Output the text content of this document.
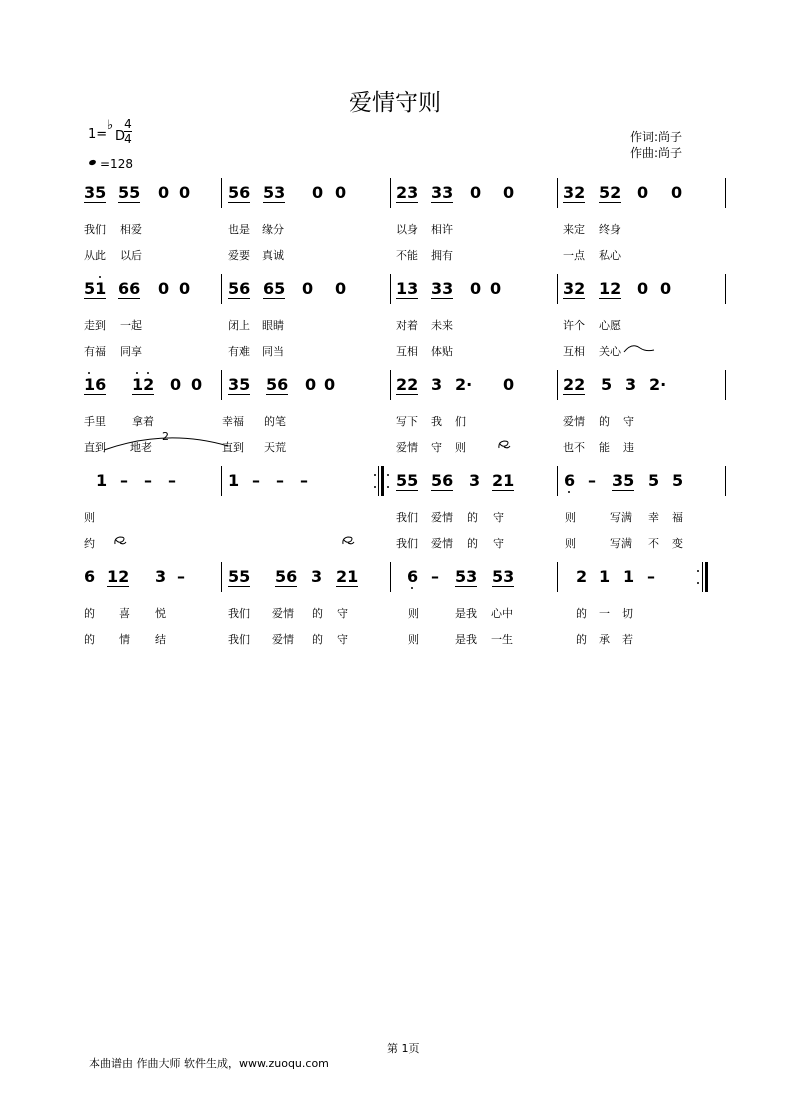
爱情守则
1=
♭
D
4
4
=128
作词:尚子
作曲:尚子
35 55 0 0 56 53 0 0	23 33 0 0	32 52 0 0
我们 相爱	也是 缘分	以身 相许	来定 终身
从此 以后	爱要 真诚	不能 拥有	一点 私心
51 66 0 0 56 65 0 0	13 33 0 0	32 12 0 0
走到 一起	闭上 眼睛	对着 未来	许个 心愿
有福 同享	有难 同当	互相 体贴	互相 关心
16 12 0 0 35 56 0 0	22 3 2· 0	22 5 3 2·
手里 拿着	幸福 的笔	写下 我 们	爱情 的 守
直到 地老	直到 天荒	爱情 守 则	也不 能 违
2
1 – – –	1 – – –	55 56 3 21	6 – 35 5 5
则	我们 爱情 的 守	则	写满 幸 福
约	我们 爱情 的 守	则	写满 不 变
6 12 3 –	55 56 3 21	6 – 53 53	2 1 1 –
的 喜 悦	我们 爱情 的 守	则	是我 心中	的 一 切
的 情 结	我们 爱情 的 守	则	是我 一生	的 承 若
第 1页
本曲谱由 作曲大师 软件生成，www.zuoqu.com
